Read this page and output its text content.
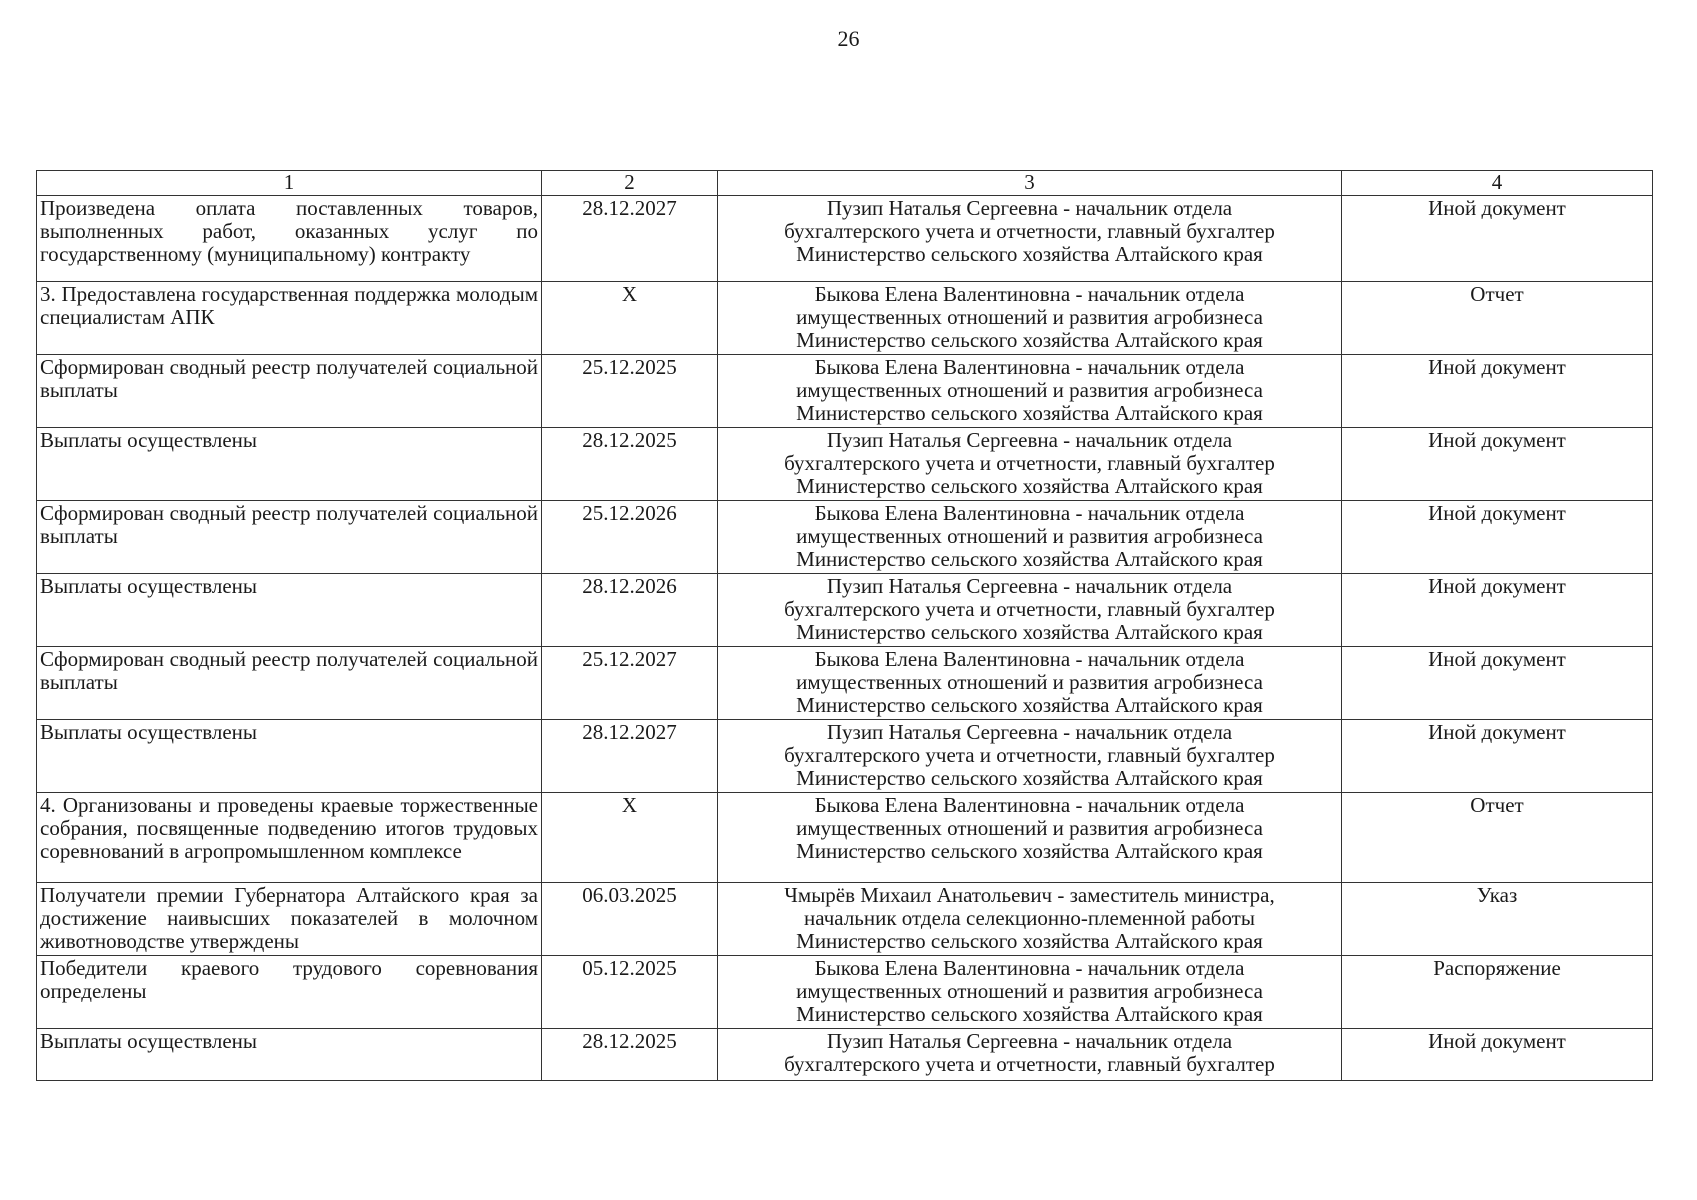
26
1	2	3	4
Произведена оплата поставленных товаров, выполненных работ, оказанных услуг по государственному (муниципальному) контракту	28.12.2027	Пузип Наталья Сергеевна - начальник отдела
бухгалтерского учета и отчетности, главный бухгалтер
Министерство сельского хозяйства Алтайского края	Иной документ
3. Предоставлена государственная поддержка молодым специалистам АПК	X	Быкова Елена Валентиновна - начальник отдела
имущественных отношений и развития агробизнеса
Министерство сельского хозяйства Алтайского края	Отчет
Сформирован сводный реестр получателей социальной выплаты	25.12.2025	Быкова Елена Валентиновна - начальник отдела
имущественных отношений и развития агробизнеса
Министерство сельского хозяйства Алтайского края	Иной документ
Выплаты осуществлены	28.12.2025	Пузип Наталья Сергеевна - начальник отдела
бухгалтерского учета и отчетности, главный бухгалтер
Министерство сельского хозяйства Алтайского края	Иной документ
Сформирован сводный реестр получателей социальной выплаты	25.12.2026	Быкова Елена Валентиновна - начальник отдела
имущественных отношений и развития агробизнеса
Министерство сельского хозяйства Алтайского края	Иной документ
Выплаты осуществлены	28.12.2026	Пузип Наталья Сергеевна - начальник отдела
бухгалтерского учета и отчетности, главный бухгалтер
Министерство сельского хозяйства Алтайского края	Иной документ
Сформирован сводный реестр получателей социальной выплаты	25.12.2027	Быкова Елена Валентиновна - начальник отдела
имущественных отношений и развития агробизнеса
Министерство сельского хозяйства Алтайского края	Иной документ
Выплаты осуществлены	28.12.2027	Пузип Наталья Сергеевна - начальник отдела
бухгалтерского учета и отчетности, главный бухгалтер
Министерство сельского хозяйства Алтайского края	Иной документ
4. Организованы и проведены краевые торжественные собрания, посвященные подведению итогов трудовых соревнований в агропромышленном комплексе	X	Быкова Елена Валентиновна - начальник отдела
имущественных отношений и развития агробизнеса
Министерство сельского хозяйства Алтайского края	Отчет
Получатели премии Губернатора Алтайского края за достижение наивысших показателей в молочном животноводстве утверждены	06.03.2025	Чмырёв Михаил Анатольевич - заместитель министра,
начальник отдела селекционно-племенной работы
Министерство сельского хозяйства Алтайского края	Указ
Победители краевого трудового соревнования определены	05.12.2025	Быкова Елена Валентиновна - начальник отдела
имущественных отношений и развития агробизнеса
Министерство сельского хозяйства Алтайского края	Распоряжение
Выплаты осуществлены	28.12.2025	Пузип Наталья Сергеевна - начальник отдела
бухгалтерского учета и отчетности, главный бухгалтер	Иной документ
